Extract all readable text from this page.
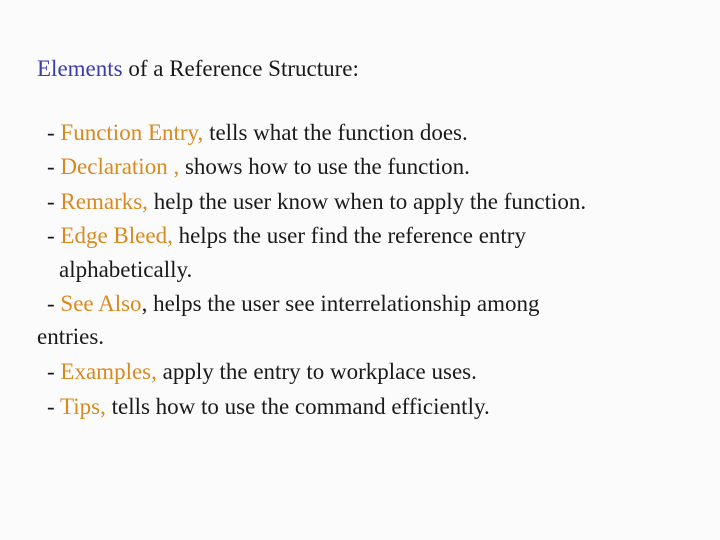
Elements of a Reference Structure:
- Function Entry, tells what the function does.
- Declaration , shows how to use the function.
- Remarks, help the user know when to apply the function.
- Edge Bleed, helps the user find the reference entry
alphabetically.
- See Also, helps the user see interrelationship among
entries.
- Examples, apply the entry to workplace uses.
- Tips, tells how to use the command efficiently.
